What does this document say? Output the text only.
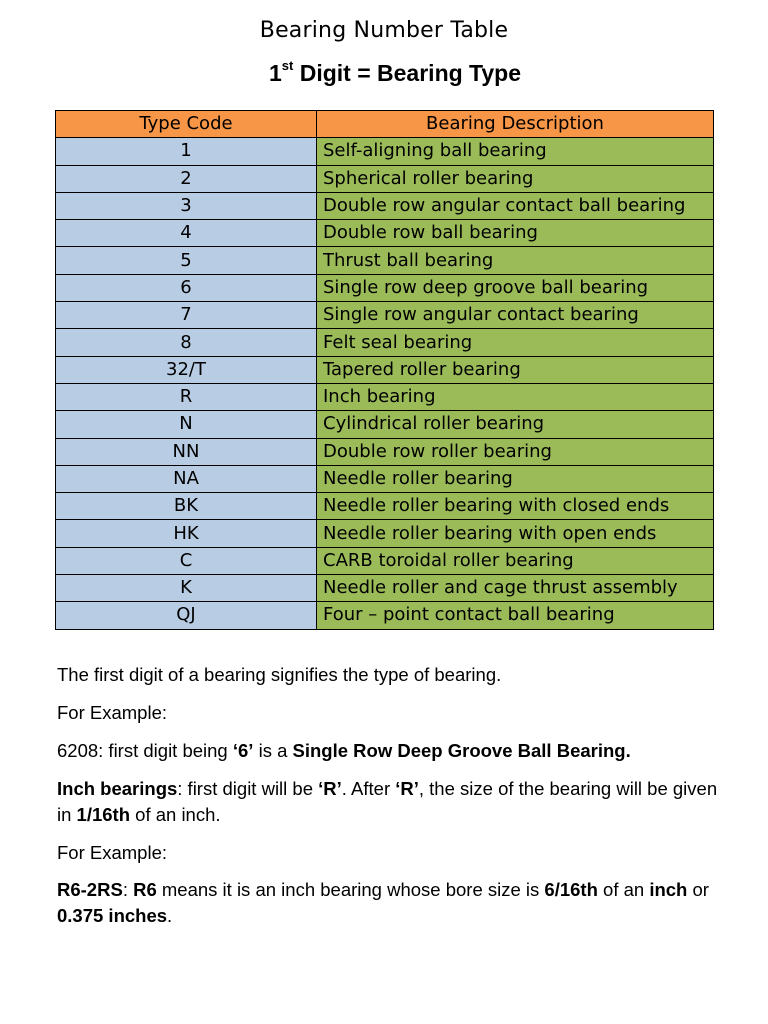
Bearing Number Table
1st Digit = Bearing Type
Type Code	Bearing Description
1	Self-aligning ball bearing
2	Spherical roller bearing
3	Double row angular contact ball bearing
4	Double row ball bearing
5	Thrust ball bearing
6	Single row deep groove ball bearing
7	Single row angular contact bearing
8	Felt seal bearing
32/T	Tapered roller bearing
R	Inch bearing
N	Cylindrical roller bearing
NN	Double row roller bearing
NA	Needle roller bearing
BK	Needle roller bearing with closed ends
HK	Needle roller bearing with open ends
C	CARB toroidal roller bearing
K	Needle roller and cage thrust assembly
QJ	Four – point contact ball bearing

The first digit of a bearing signifies the type of bearing.

For Example:

6208: first digit being ‘6’ is a Single Row Deep Groove Ball Bearing.

Inch bearings: first digit will be ‘R’. After ‘R’, the size of the bearing will be given in 1/16th of an inch.

For Example:

R6-2RS: R6 means it is an inch bearing whose bore size is 6/16th of an inch or 0.375 inches.
